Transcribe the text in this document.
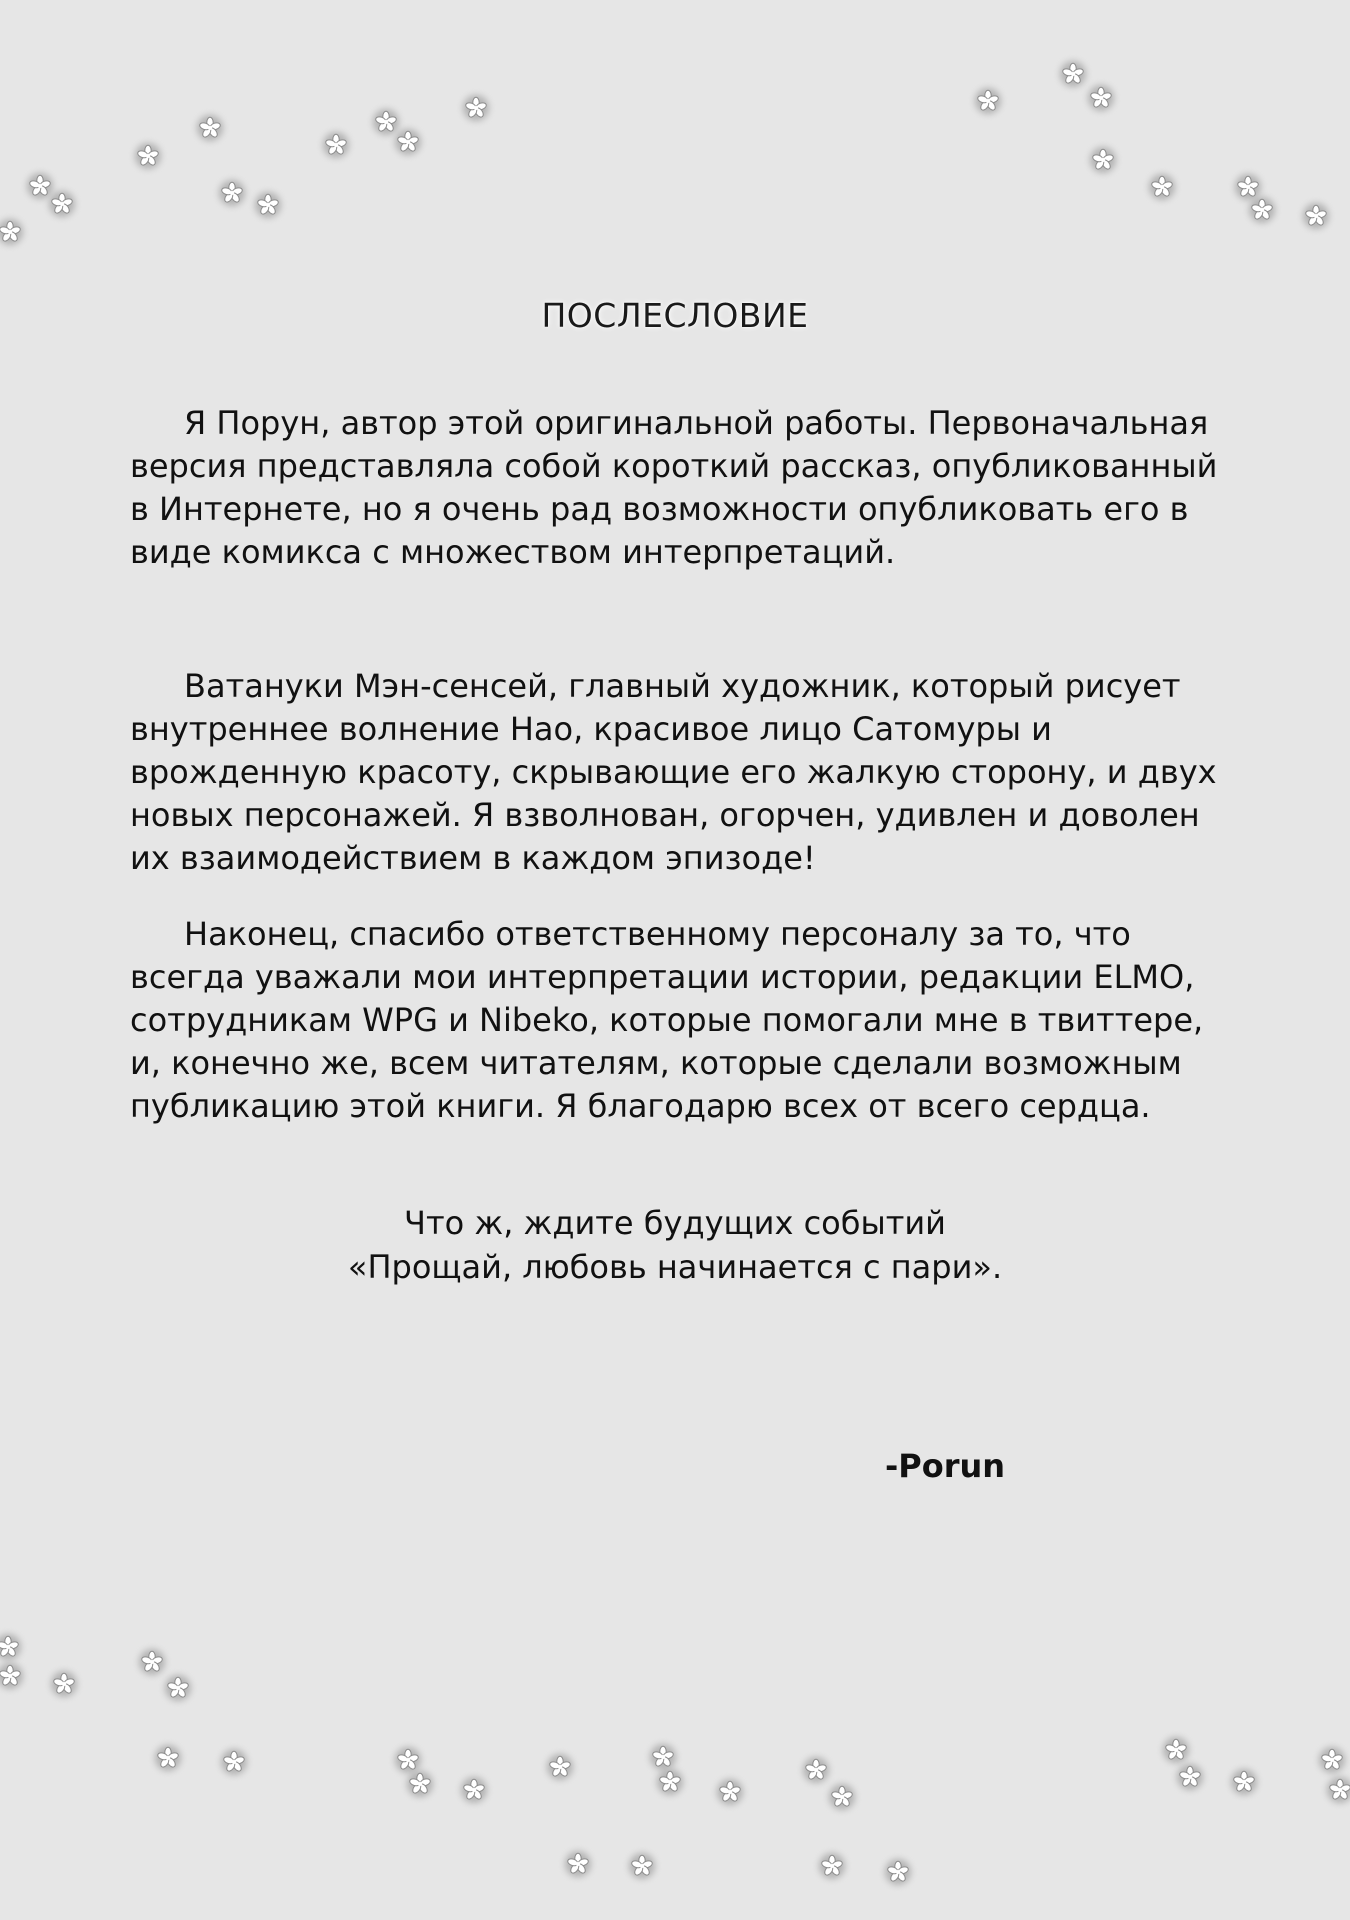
ПОСЛЕСЛОВИЕ

Я Порун, автор этой оригинальной работы. Первоначальная версия представляла собой короткий рассказ, опубликованный в Интернете, но я очень рад возможности опубликовать его в виде комикса с множеством интерпретаций.

Ватануки Мэн-сенсей, главный художник, который рисует внутреннее волнение Нао, красивое лицо Сатомуры и врожденную красоту, скрывающие его жалкую сторону, и двух новых персонажей. Я взволнован, огорчен, удивлен и доволен их взаимодействием в каждом эпизоде!

Наконец, спасибо ответственному персоналу за то, что всегда уважали мои интерпретации истории, редакции ELMO, сотрудникам WPG и Nibeko, которые помогали мне в твиттере, и, конечно же, всем читателям, которые сделали возможным публикацию этой книги. Я благодарю всех от всего сердца.

Что ж, ждите будущих событий
«Прощай, любовь начинается с пари».
-Porun
